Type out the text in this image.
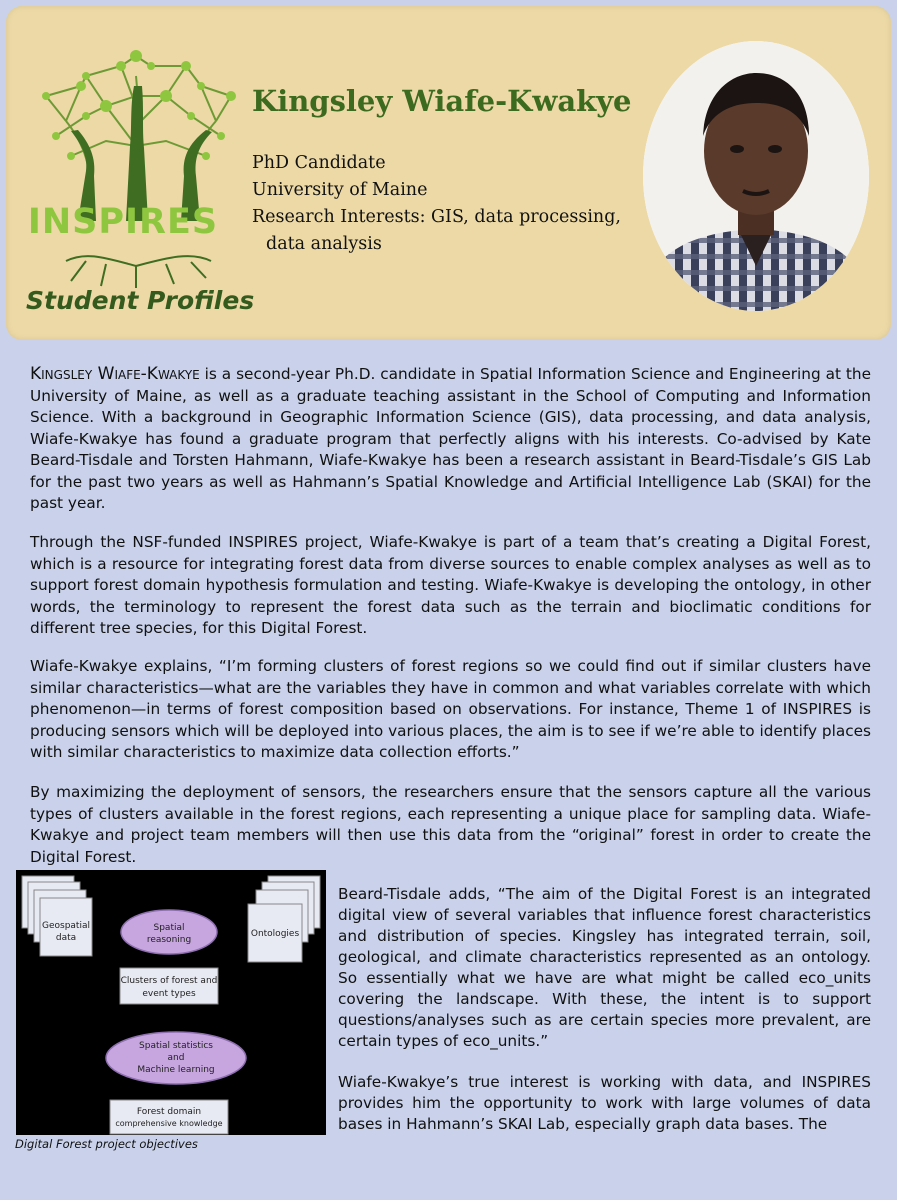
INSPIRES
Student Profiles
Kingsley Wiafe-Kwakye
PhD Candidate
University of Maine
Research Interests: GIS, data processing,
data analysis
Kingsley Wiafe-Kwakye is a second-year Ph.D. candidate in Spatial Information Science and Engineering at the University of Maine, as well as a graduate teaching assistant in the School of Computing and Information Science. With a background in Geographic Information Science (GIS), data processing, and data analysis, Wiafe-Kwakye has found a graduate program that perfectly aligns with his interests. Co-advised by Kate Beard-Tisdale and Torsten Hahmann, Wiafe-Kwakye has been a research assistant in Beard-Tisdale’s GIS Lab for the past two years as well as Hahmann’s Spatial Knowledge and Artificial Intelligence Lab (SKAI) for the past year.
Through the NSF-funded INSPIRES project, Wiafe-Kwakye is part of a team that’s creating a Digital Forest, which is a resource for integrating forest data from diverse sources to enable complex analyses as well as to support forest domain hypothesis formulation and testing. Wiafe-Kwakye is developing the ontology, in other words, the terminology to represent the forest data such as the terrain and bioclimatic conditions for different tree species, for this Digital Forest.
Wiafe-Kwakye explains, “I’m forming clusters of forest regions so we could find out if similar clusters have similar characteristics—what are the variables they have in common and what variables correlate with which phenomenon—in terms of forest composition based on observations. For instance, Theme 1 of INSPIRES is producing sensors which will be deployed into various places, the aim is to see if we’re able to identify places with similar characteristics to maximize data collection efforts.”
By maximizing the deployment of sensors, the researchers ensure that the sensors capture all the various types of clusters available in the forest regions, each representing a unique place for sampling data. Wiafe-Kwakye and project team members will then use this data from the “original” forest in order to create the Digital Forest.
Geospatial
data	Ontologies
Spatial
reasoning
Clusters of forest and
event types
Spatial statistics
and
Machine learning
Forest domain
comprehensive knowledge
Digital Forest project objectives
Beard-Tisdale adds, “The aim of the Digital Forest is an integrated digital view of several variables that influence forest characteristics and distribution of species. Kingsley has integrated terrain, soil, geological, and climate characteristics represented as an ontology. So essentially what we have are what might be called eco_units covering the landscape. With these, the intent is to support questions/analyses such as are certain species more prevalent, are certain types of eco_units.”
Wiafe-Kwakye’s true interest is working with data, and INSPIRES provides him the opportunity to work with large volumes of data bases in Hahmann’s SKAI Lab, especially graph data bases. The
